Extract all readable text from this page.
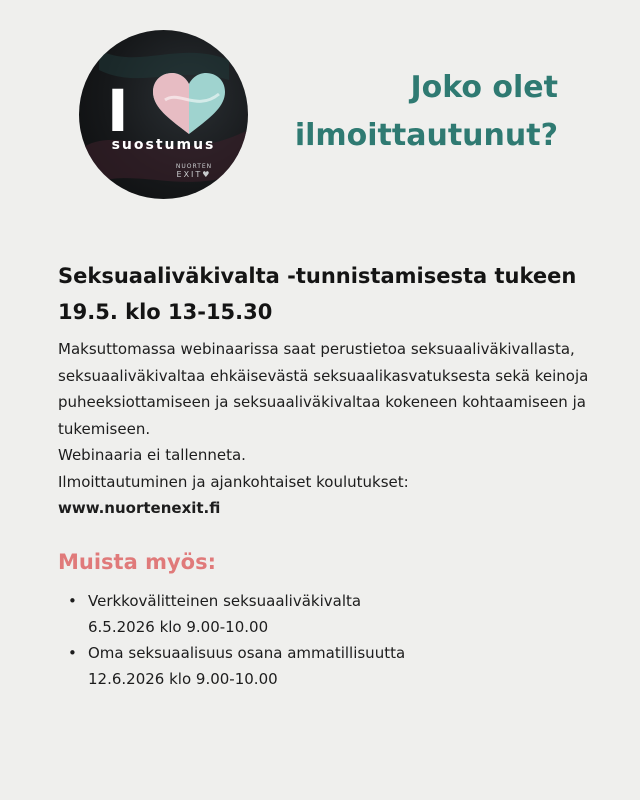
I
suostumus
NUORTEN
EXIT♥
Joko olet
ilmoittautunut?
Seksuaaliväkivalta -tunnistamisesta tukeen 19.5. klo 13-15.30

Maksuttomassa webinaarissa saat perustietoa seksuaaliväkivallasta, seksuaaliväkivaltaa ehkäisevästä seksuaalikasvatuksesta sekä keinoja puheeksiottamiseen ja seksuaaliväkivaltaa kokeneen kohtaamiseen ja tukemiseen.

Webinaaria ei tallenneta.

Ilmoittautuminen ja ajankohtaiset koulutukset:

www.nuortenexit.fi

Muista myös:
• Verkkovälitteinen seksuaaliväkivalta
6.5.2026 klo 9.00-10.00
• Oma seksuaalisuus osana ammatillisuutta
12.6.2026 klo 9.00-10.00
